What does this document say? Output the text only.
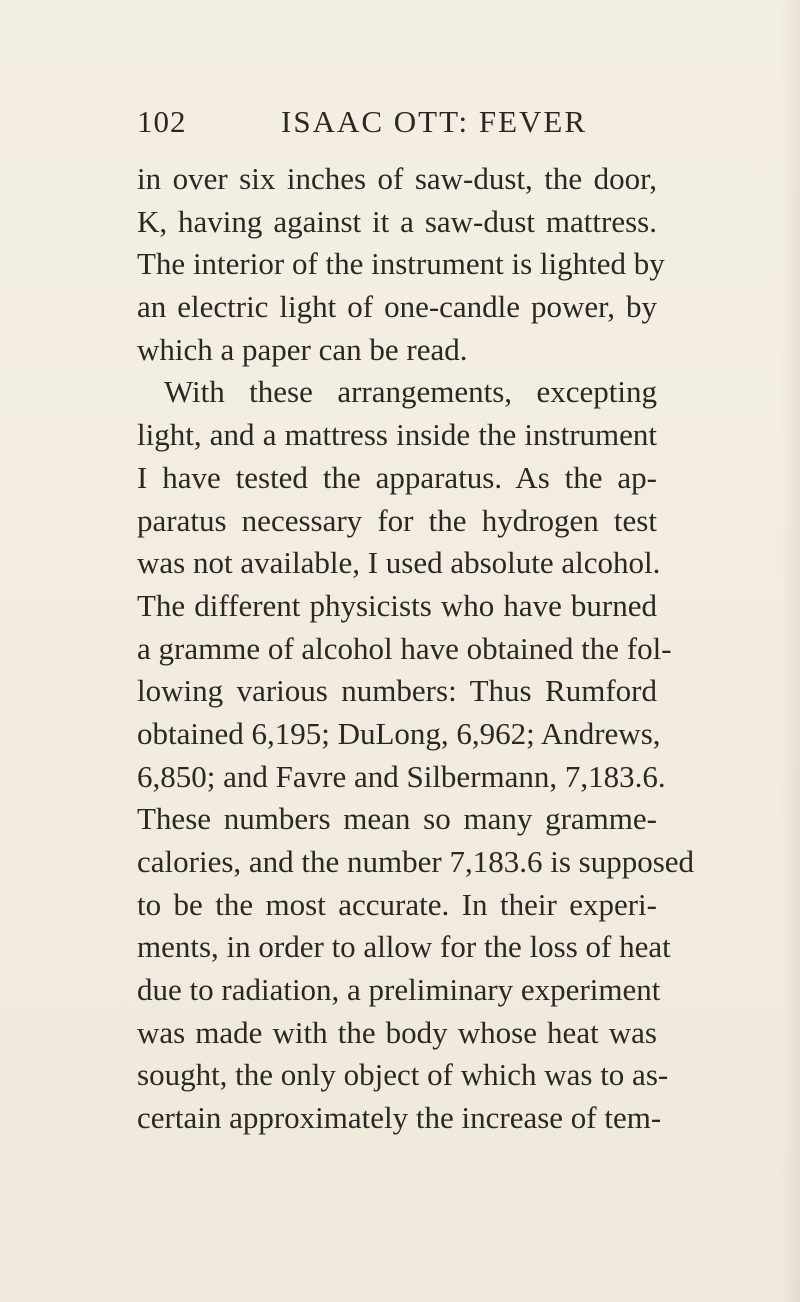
102	ISAAC OTT: FEVER
in over six inches of saw-dust, the door,
K, having against it a saw-dust mattress.
The interior of the instrument is lighted by
an electric light of one-candle power, by
which a paper can be read.
With these arrangements, excepting
light, and a mattress inside the instrument
I have tested the apparatus. As the ap-
paratus necessary for the hydrogen test
was not available, I used absolute alcohol.
The different physicists who have burned
a gramme of alcohol have obtained the fol-
lowing various numbers: Thus Rumford
obtained 6,195; DuLong, 6,962; Andrews,
6,850; and Favre and Silbermann, 7,183.6.
These numbers mean so many gramme-
calories, and the number 7,183.6 is supposed
to be the most accurate. In their experi-
ments, in order to allow for the loss of heat
due to radiation, a preliminary experiment
was made with the body whose heat was
sought, the only object of which was to as-
certain approximately the increase of tem-
